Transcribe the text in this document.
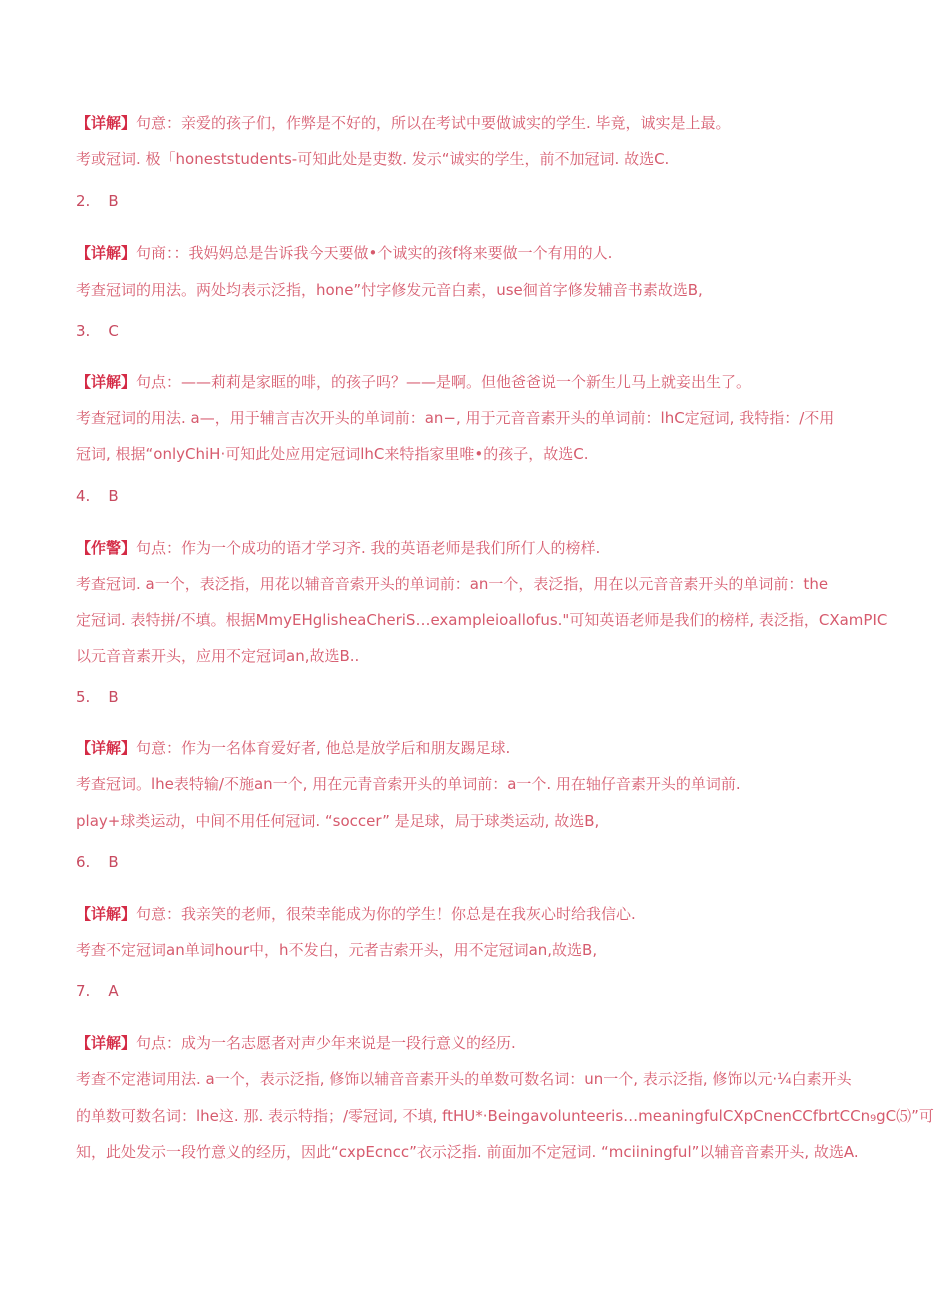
【详解】句意：亲爱的孩子们，作弊是不好的，所以在考试中要做诚实的学生. 毕竟，诚实是上最。
考或冠词. 极「honeststudents-可知此处是吏数. 发示“诚实的学生，前不加冠词. 故选C.
2. B
【详解】句商：：我妈妈总是告诉我今天要做•个诚实的孩f将来要做一个有用的人.
考查冠词的用法。两处均表示泛指，hone”忖字修发元音白素，use徊首字修发辅音书素故选B,
3. C
【详解】句点：——莉莉是家眶的啡，的孩子吗？——是啊。但他爸爸说一个新生儿马上就妾出生了。
考查冠词的用法. a—，用于辅言吉次开头的单词前：an−, 用于元音音素开头的单词前：lhC定冠词, 我特指：/不用
冠词, 根据“onlyChiH·可知此处应用定冠词lhC来特指家里唯•的孩子，故选C.
4. B
【作警】句点：作为一个成功的语才学习齐. 我的英语老师是我们所仃人的榜样.
考查冠词. a一个，表泛指，用花以辅音音索开头的单词前：an一个，表泛指，用在以元音音素开头的单词前：the
定冠词. 表特拼/不填。根据MmyEHglisheaCheriS…exampleioallofus."可知英语老师是我们的榜样, 表泛指，CXamPIC
以元音音素开头，应用不定冠词an,故选B..
5. B
【详解】句意：作为一名体育爱好者, 他总是放学后和朋友踢足球.
考查冠词。lhe表特输/不施an一个, 用在元青音索开头的单词前：a一个. 用在轴仔音素开头的单词前.
play+球类运动，中间不用任何冠词. “soccer” 是足球，局于球类运动, 故选B,
6. B
【详解】句意：我亲笑的老师，很荣幸能成为你的学生！你总是在我灰心时给我信心.
考查不定冠词an单词hour中，h不发白，元者吉索开头，用不定冠词an,故选B,
7. A
【详解】句点：成为一名志愿者对声少年来说是一段行意义的经历.
考查不定港词用法. a一个，表示泛指, 修饰以辅音音素开头的单数可数名词：un一个, 表示泛指, 修饰以元·¼白素开头
的单数可数名词：lhe这. 那. 表示特指；/零冠词, 不填, ftHU*·Beingavolunteeris…meaningfulCXpCnenCCfbrtCCn₉gC⑸”可
知，此处发示一段竹意义的经历，因此“cxpEcncc”衣示泛指. 前面加不定冠词. “mciiningful”以辅音音素开头, 故选A.
